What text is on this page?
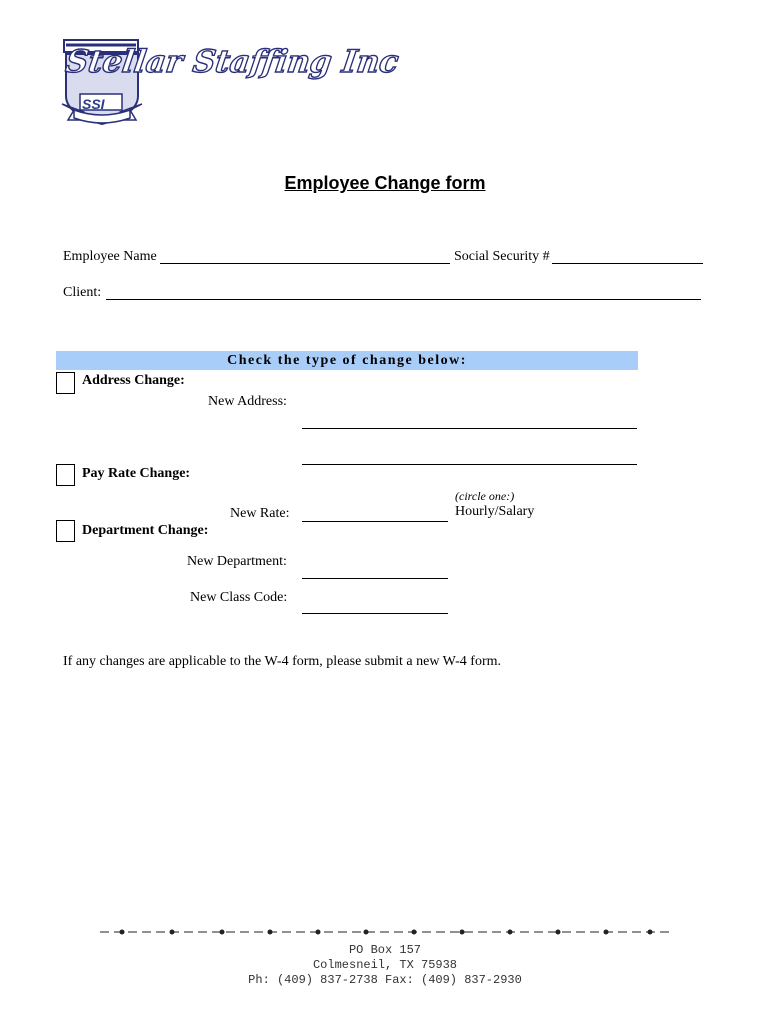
Stellar Staffing Inc
SSI
Employee Change form
Employee Name	Social Security #
Client:
Check the type of change below:
Address Change:
New Address:
Pay Rate Change:
(circle one:)
New Rate:	Hourly/Salary
Department Change:
New Department:
New Class Code:
If any changes are applicable to the W-4 form, please submit a new W-4 form.
PO Box 157
Colmesneil, TX 75938
Ph: (409) 837-2738 Fax: (409) 837-2930
